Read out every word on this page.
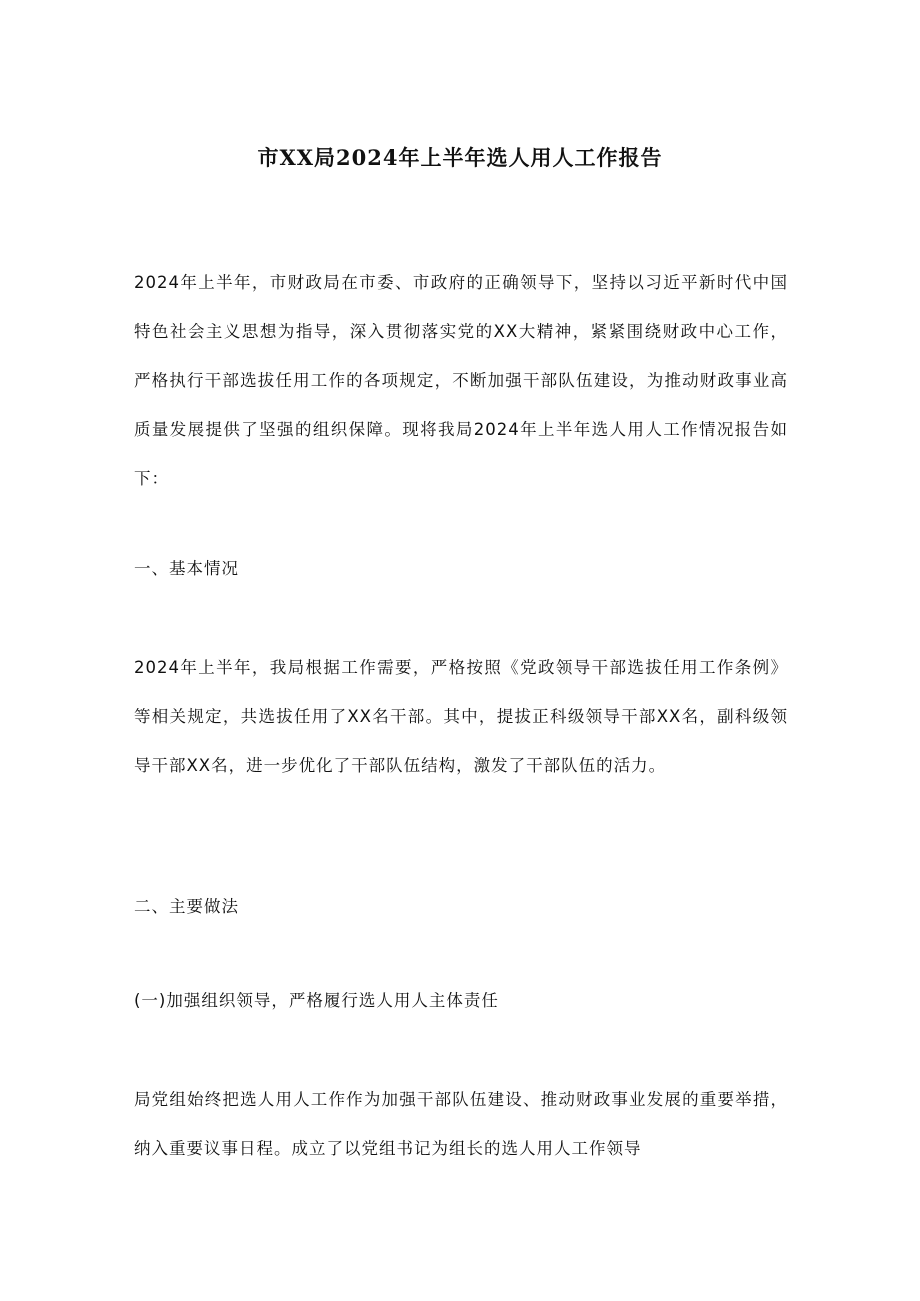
市XX局2024年上半年选人用人工作报告

2024年上半年，市财政局在市委、市政府的正确领导下，坚持以习近平新时代中国特色社会主义思想为指导，深入贯彻落实党的XX大精神，紧紧围绕财政中心工作，严格执行干部选拔任用工作的各项规定，不断加强干部队伍建设，为推动财政事业高质量发展提供了坚强的组织保障。现将我局2024年上半年选人用人工作情况报告如下：

一、基本情况

2024年上半年，我局根据工作需要，严格按照《党政领导干部选拔任用工作条例》等相关规定，共选拔任用了XX名干部。其中，提拔正科级领导干部XX名，副科级领导干部XX名，进一步优化了干部队伍结构，激发了干部队伍的活力。

二、主要做法
(一)加强组织领导，严格履行选人用人主体责任

局党组始终把选人用人工作作为加强干部队伍建设、推动财政事业发展的重要举措，纳入重要议事日程。成立了以党组书记为组长的选人用人工作领导
